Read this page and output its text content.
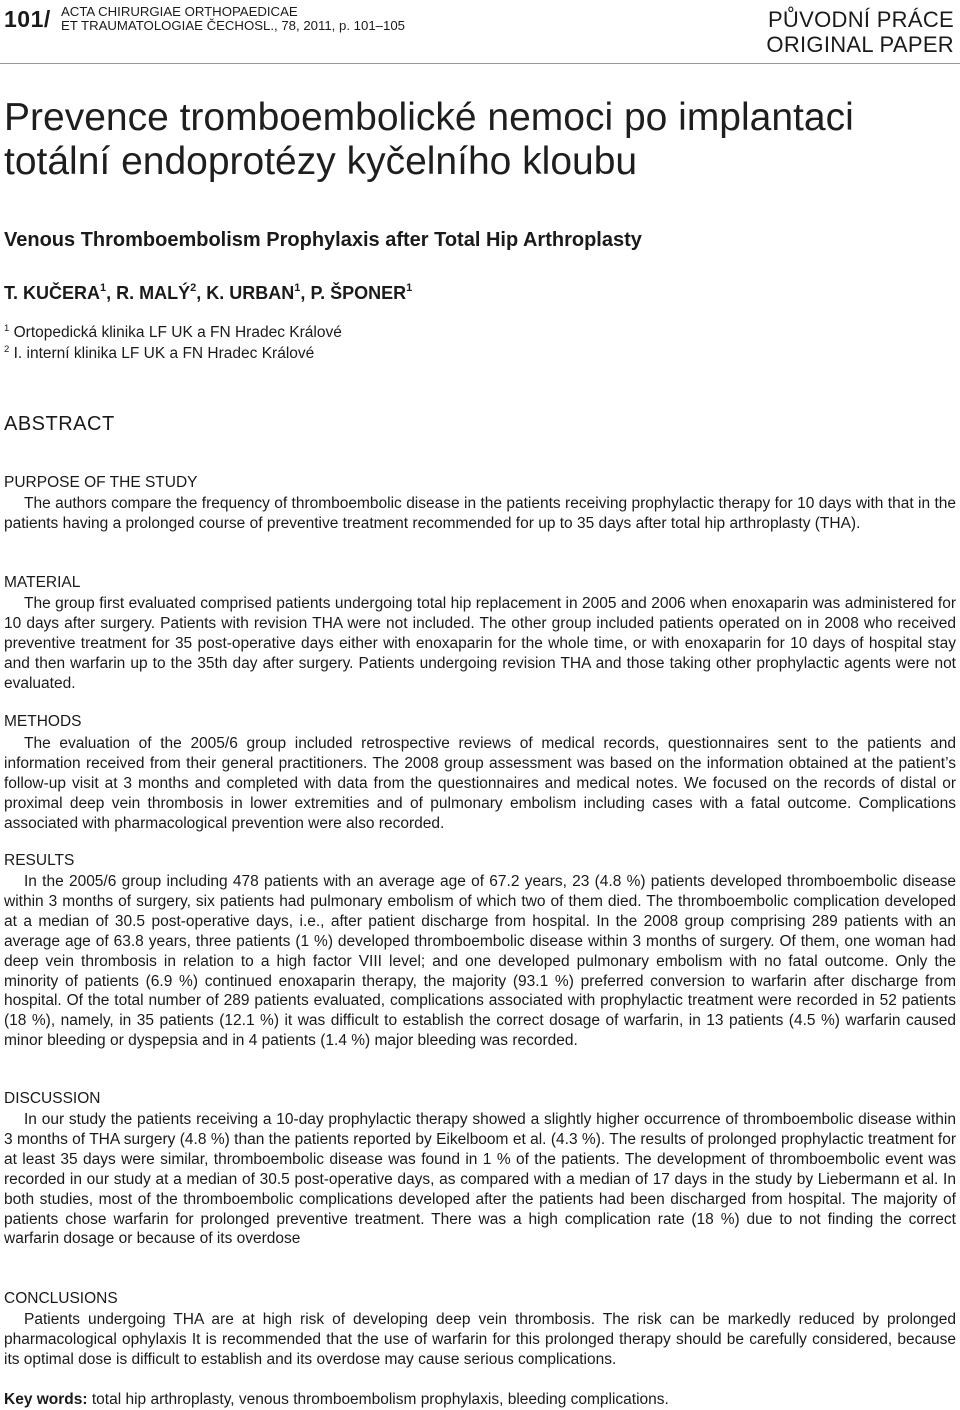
101/ ACTA CHIRURGIAE ORTHOPAEDICAE
ET TRAUMATOLOGIAE ČECHOSL., 78, 2011, p. 101–105	PŮVODNÍ PRÁCE
ORIGINAL PAPER
Prevence tromboembolické nemoci po implantaci totální endoprotézy kyčelního kloubu
Venous Thromboembolism Prophylaxis after Total Hip Arthroplasty
T. KUČERA$^1$, R. MALÝ$^2$, K. URBAN$^1$, P. ŠPONER$^1$
$^1$ Ortopedická klinika LF UK a FN Hradec Králové
$^2$ I. interní klinika LF UK a FN Hradec Králové
ABSTRACT
PURPOSE OF THE STUDY

The authors compare the frequency of thromboembolic disease in the patients receiving prophylactic therapy for 10 days with that in the patients having a prolonged course of preventive treatment recommended for up to 35 days after total hip arthroplasty (THA).

MATERIAL

The group first evaluated comprised patients undergoing total hip replacement in 2005 and 2006 when enoxaparin was administered for 10 days after surgery. Patients with revision THA were not included. The other group included patients operated on in 2008 who received preventive treatment for 35 post-operative days either with enoxaparin for the whole time, or with enoxaparin for 10 days of hospital stay and then warfarin up to the 35th day after surgery. Patients undergoing revision THA and those taking other prophylactic agents were not evaluated.

METHODS

The evaluation of the 2005/6 group included retrospective reviews of medical records, questionnaires sent to the patients and information received from their general practitioners. The 2008 group assessment was based on the information obtained at the patient’s follow-up visit at 3 months and completed with data from the questionnaires and medical notes. We focused on the records of distal or proximal deep vein thrombosis in lower extremities and of pulmonary embolism including cases with a fatal outcome. Complications associated with pharmacological prevention were also recorded.

RESULTS

In the 2005/6 group including 478 patients with an average age of 67.2 years, 23 (4.8 %) patients developed thromboembolic disease within 3 months of surgery, six patients had pulmonary embolism of which two of them died. The thromboembolic complication developed at a median of 30.5 post-operative days, i.e., after patient discharge from hospital. In the 2008 group comprising 289 patients with an average age of 63.8 years, three patients (1 %) developed thromboembolic disease within 3 months of surgery. Of them, one woman had deep vein thrombosis in relation to a high factor VIII level; and one developed pulmonary embolism with no fatal outcome. Only the minority of patients (6.9 %) continued enoxaparin therapy, the majority (93.1 %) preferred conversion to warfarin after discharge from hospital. Of the total number of 289 patients evaluated, complications associated with prophylactic treatment were recorded in 52 patients (18 %), namely, in 35 patients (12.1 %) it was difficult to establish the correct dosage of warfarin, in 13 patients (4.5 %) warfarin caused minor bleeding or dyspepsia and in 4 patients (1.4 %) major bleeding was recorded.

DISCUSSION

In our study the patients receiving a 10-day prophylactic therapy showed a slightly higher occurrence of thromboembolic disease within 3 months of THA surgery (4.8 %) than the patients reported by Eikelboom et al. (4.3 %). The results of prolonged prophylactic treatment for at least 35 days were similar, thromboembolic disease was found in 1 % of the patients. The development of thromboembolic event was recorded in our study at a median of 30.5 post-operative days, as compared with a median of 17 days in the study by Liebermann et al. In both studies, most of the thromboembolic complications developed after the patients had been discharged from hospital. The majority of patients chose warfarin for prolonged preventive treatment. There was a high complication rate (18 %) due to not finding the correct warfarin dosage or because of its overdose

CONCLUSIONS

Patients undergoing THA are at high risk of developing deep vein thrombosis. The risk can be markedly reduced by prolonged pharmacological ophylaxis It is recommended that the use of warfarin for this prolonged therapy should be carefully considered, because its optimal dose is difficult to establish and its overdose may cause serious complications.

Key words: total hip arthroplasty, venous thromboembolism prophylaxis, bleeding complications.
